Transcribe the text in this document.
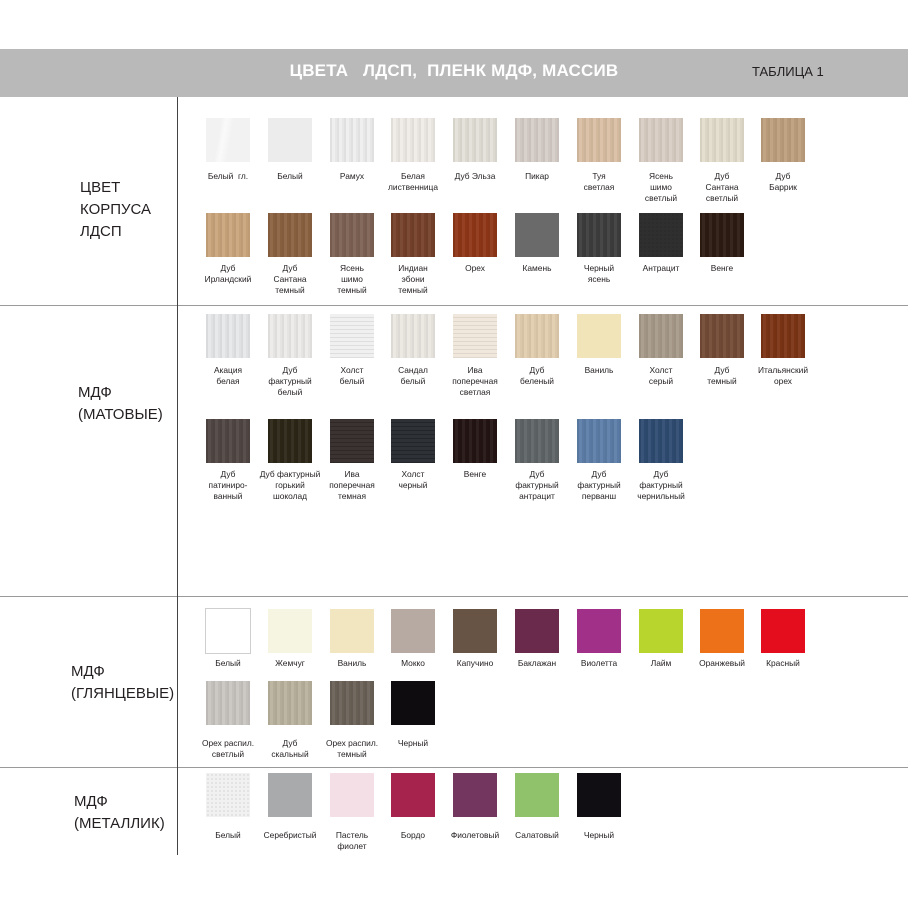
ЦВЕТА   ЛДСП,  ПЛЕНК МДФ, МАССИВ	ТАБЛИЦА 1
ЦВЕТ
КОРПУСА
ЛДСП
МДФ
(МАТОВЫЕ)
МДФ
(ГЛЯНЦЕВЫЕ)
МДФ
(МЕТАЛЛИК)
Белый  гл.	Белый	Рамух	Белая
лиственница
Дуб Эльза	Пикар	Туя
светлая
Ясень
шимо
светлый
Дуб
Сантана
светлый
Дуб
Баррик
Дуб
Ирландский
Дуб
Сантана
темный
Ясень
шимо
темный
Индиан
эбони
темный
Орех	Камень	Черный
ясень
Антрацит	Венге
Акация
белая
Дуб
фактурный
белый
Холст
белый
Сандал
белый
Ива
поперечная
светлая
Дуб
беленый
Ваниль	Холст
серый
Дуб
темный
Итальянский
орех
Дуб
патиниро-
ванный
Дуб фактурный
горький
шоколад
Ива
поперечная
темная
Холст
черный
Венге	Дуб
фактурный
антрацит
Дуб
фактурный
перванш
Дуб
фактурный
чернильный
Белый	Жемчуг	Ваниль	Мокко	Капучино	Баклажан	Виолетта	Лайм	Оранжевый	Красный
Орех распил.
светлый
Дуб
скальный
Орех распил.
темный
Черный
Белый	Серебристый	Пастель
фиолет
Бордо	Фиолетовый	Салатовый	Черный
